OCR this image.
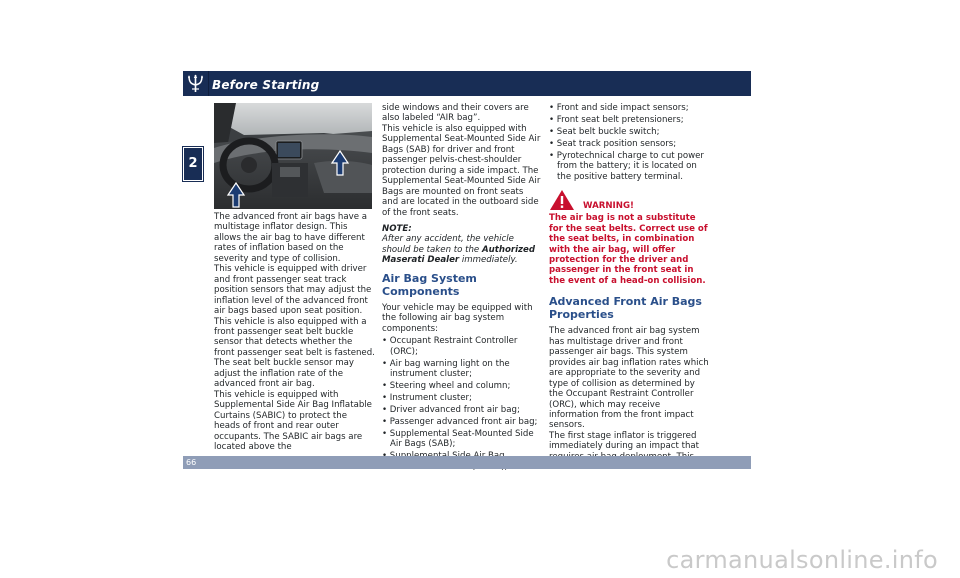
Before Starting
2

The advanced front air bags have a multistage inflator design. This allows the air bag to have different rates of inflation based on the severity and type of collision.

This vehicle is equipped with driver and front passenger seat track position sensors that may adjust the inflation level of the advanced front air bags based upon seat position.

This vehicle is also equipped with a front passenger seat belt buckle sensor that detects whether the front passenger seat belt is fastened. The seat belt buckle sensor may adjust the inflation rate of the advanced front air bag.

This vehicle is equipped with Supplemental Side Air Bag Inflatable Curtains (SABIC) to protect the heads of front and rear outer occupants. The SABIC air bags are located above the

side windows and their covers are also labeled “AIR bag”.

This vehicle is also equipped with Supplemental Seat-Mounted Side Air Bags (SAB) for driver and front passenger pelvis-chest-shoulder protection during a side impact. The Supplemental Seat-Mounted Side Air Bags are mounted on front seats and are located in the outboard side of the front seats.

NOTE:

After any accident, the vehicle should be taken to the Authorized Maserati Dealer immediately.

Air Bag System Components

Your vehicle may be equipped with the following air bag system components:

• Occupant Restraint Controller (ORC);
• Air bag warning light on the instrument cluster;
• Steering wheel and column;
• Instrument cluster;
• Driver advanced front air bag;
• Passenger advanced front air bag;
• Supplemental Seat-Mounted Side Air Bags (SAB);
• Front and side impact sensors;
• Front seat belt pretensioners;
• Seat belt buckle switch;
• Seat track position sensors;
• Pyrotechnical charge to cut power from the battery; it is located on the positive battery terminal.
WARNING!

The air bag is not a substitute for the seat belts. Correct use of the seat belts, in combination with the air bag, will offer protection for the driver and passenger in the front seat in the event of a head-on collision.

Advanced Front Air Bags Properties

The advanced front air bag system has multistage driver and front passenger air bags. This system provides air bag inflation rates which are appropriate to the severity and type of collision as determined by the Occupant Restraint Controller (ORC), which may receive information from the front impact sensors.

The first stage inflator is triggered immediately during an impact that

66
carmanualsonline.info
